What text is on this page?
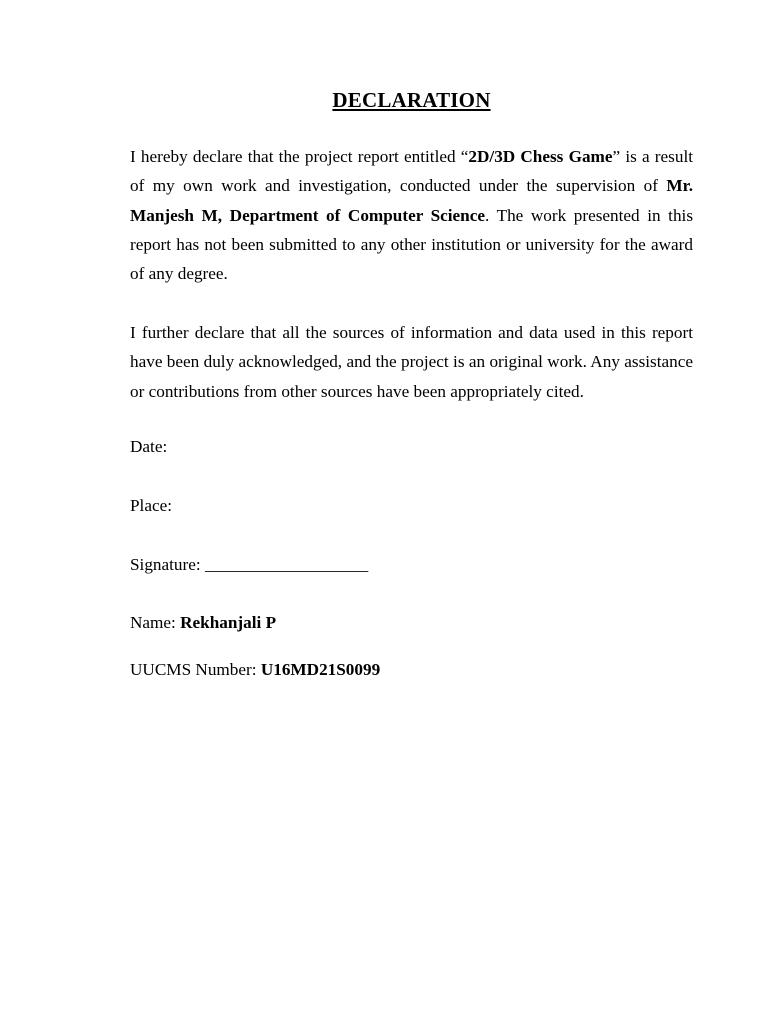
DECLARATION
I hereby declare that the project report entitled “2D/3D Chess Game” is a result of my own work and investigation, conducted under the supervision of Mr. Manjesh M, Department of Computer Science. The work presented in this report has not been submitted to any other institution or university for the award of any degree.
I further declare that all the sources of information and data used in this report have been duly acknowledged, and the project is an original work. Any assistance or contributions from other sources have been appropriately cited.
Date:
Place:
Signature: ___________________
Name: Rekhanjali P
UUCMS Number: U16MD21S0099
